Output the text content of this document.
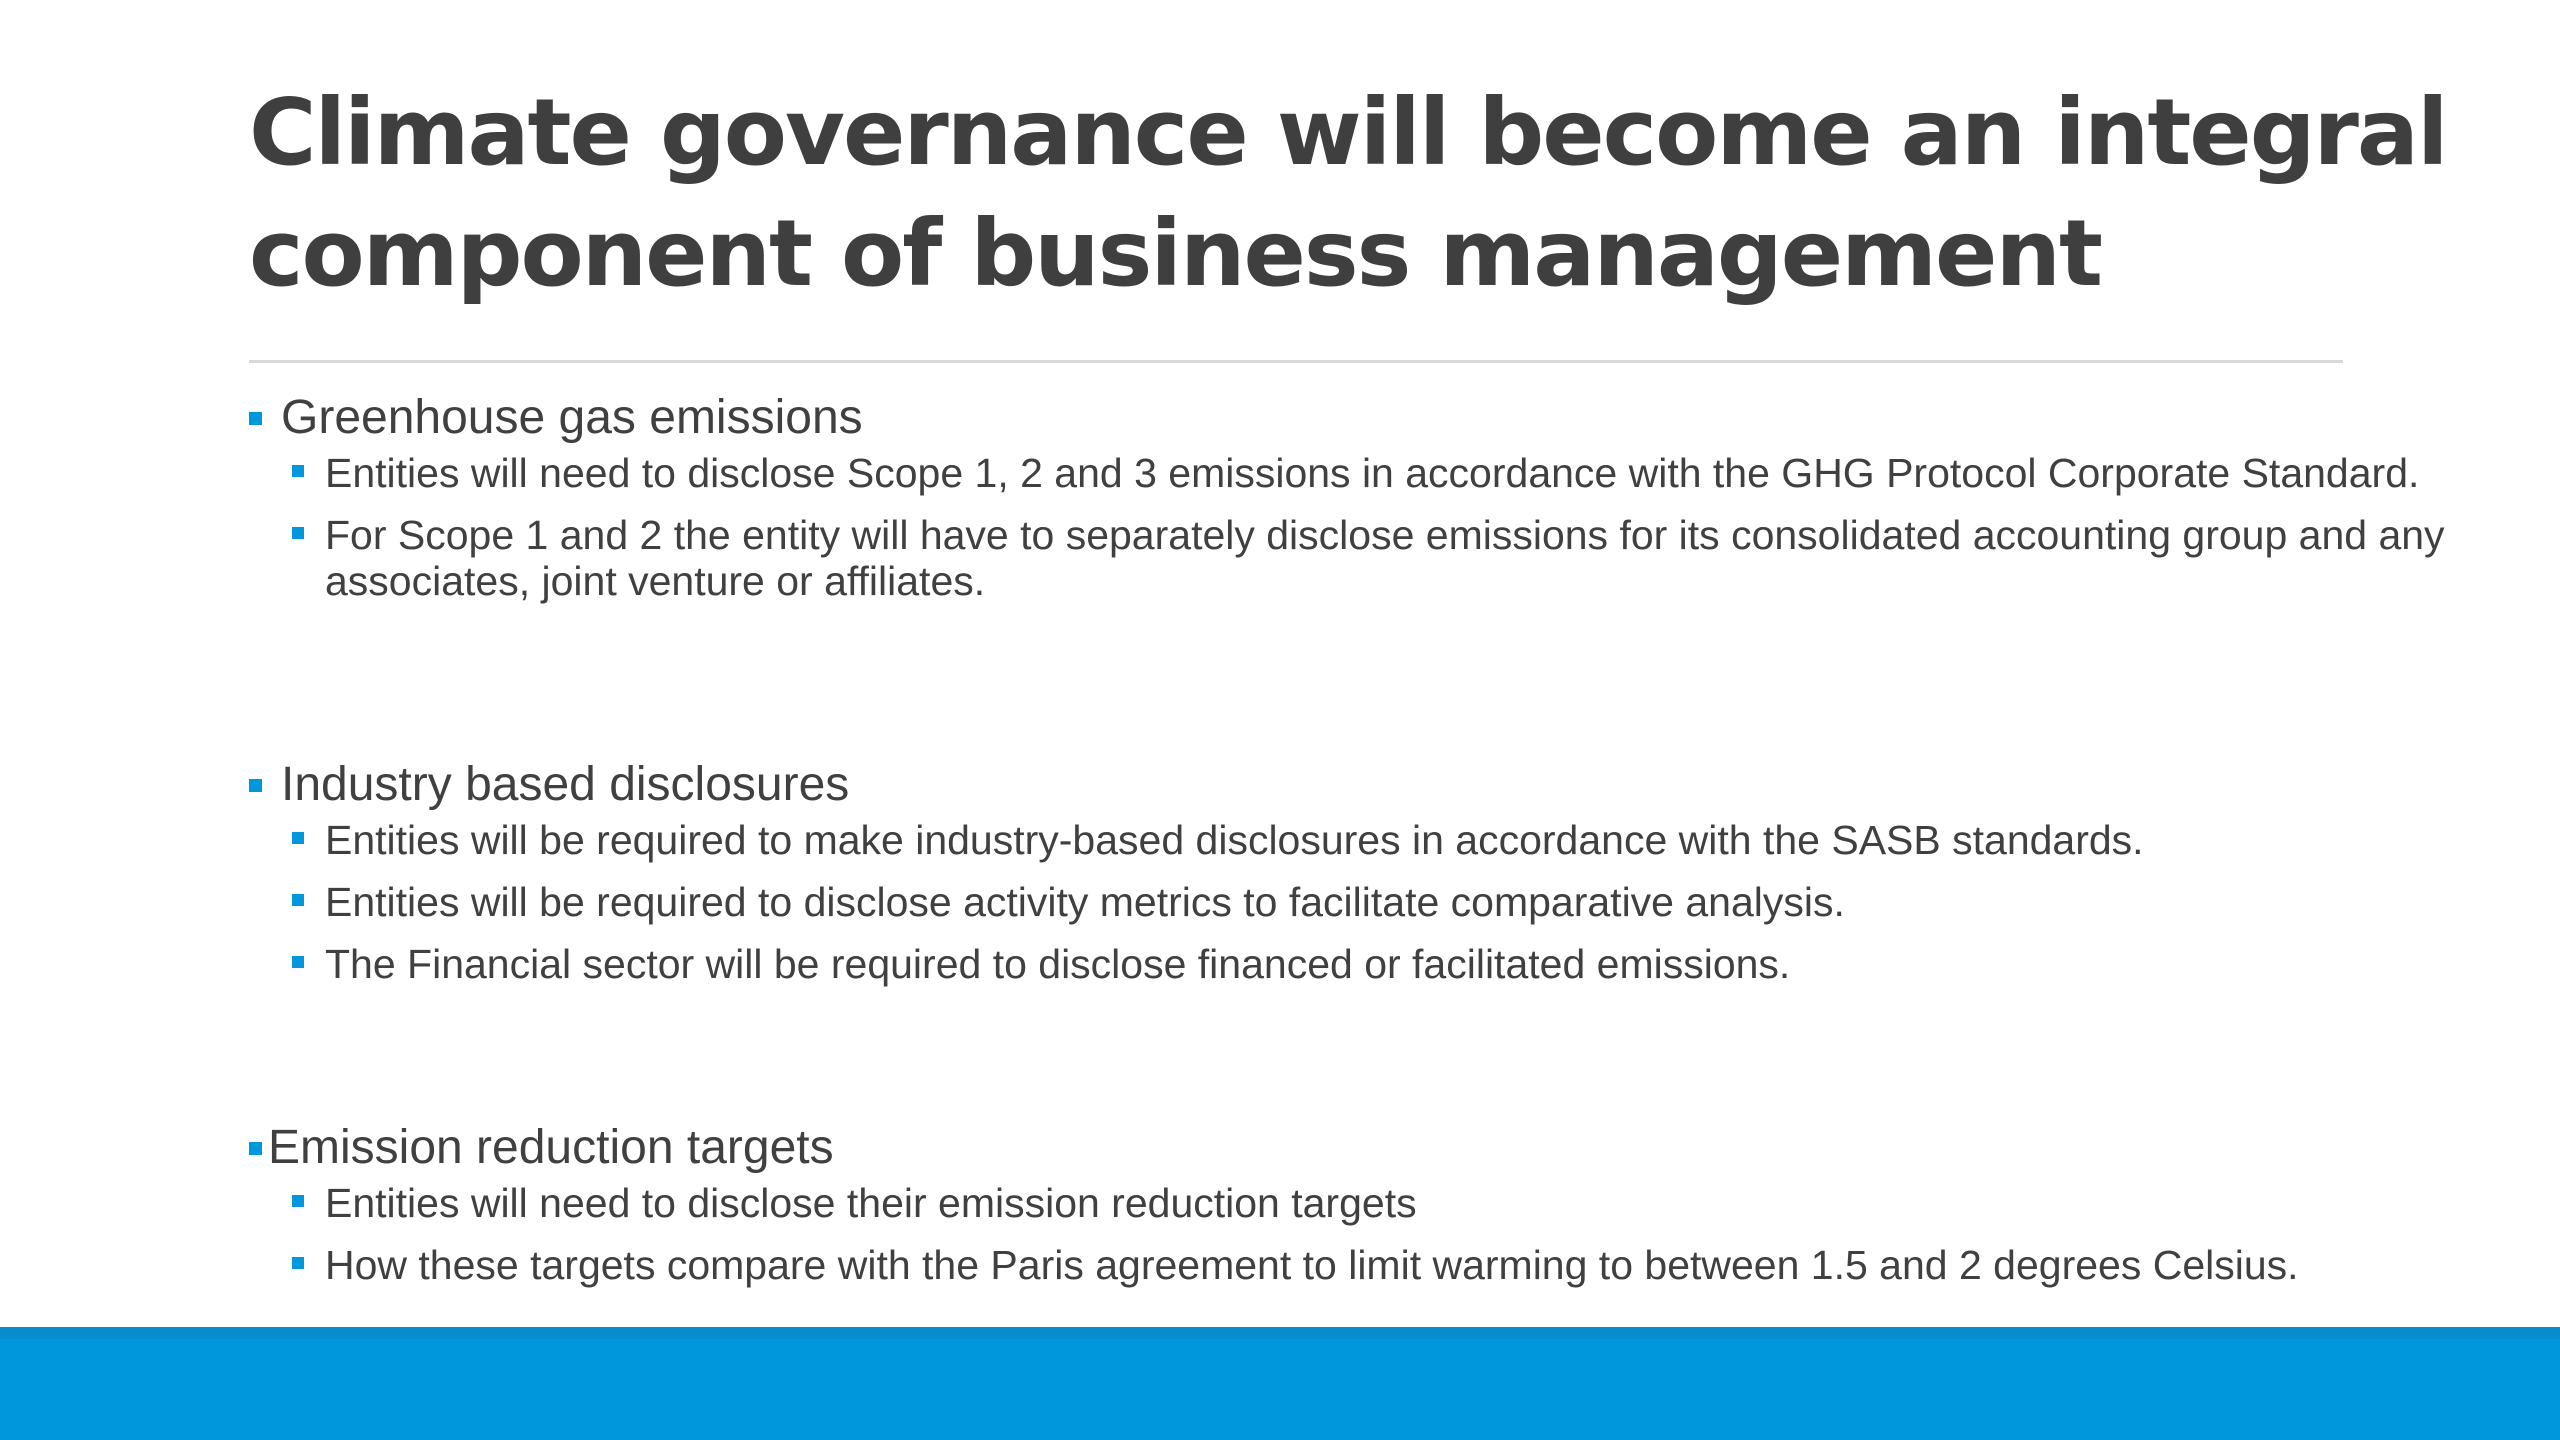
Climate governance will become an integral
component of business management
Greenhouse gas emissions
Entities will need to disclose Scope 1, 2 and 3 emissions in accordance with the GHG Protocol Corporate Standard.
For Scope 1 and 2 the entity will have to separately disclose emissions for its consolidated accounting group and any associates, joint venture or affiliates.
Industry based disclosures
Entities will be required to make industry-based disclosures in accordance with the SASB standards.
Entities will be required to disclose activity metrics to facilitate comparative analysis.
The Financial sector will be required to disclose financed or facilitated emissions.
Emission reduction targets
Entities will need to disclose their emission reduction targets
How these targets compare with the Paris agreement to limit warming to between 1.5 and 2 degrees Celsius.
